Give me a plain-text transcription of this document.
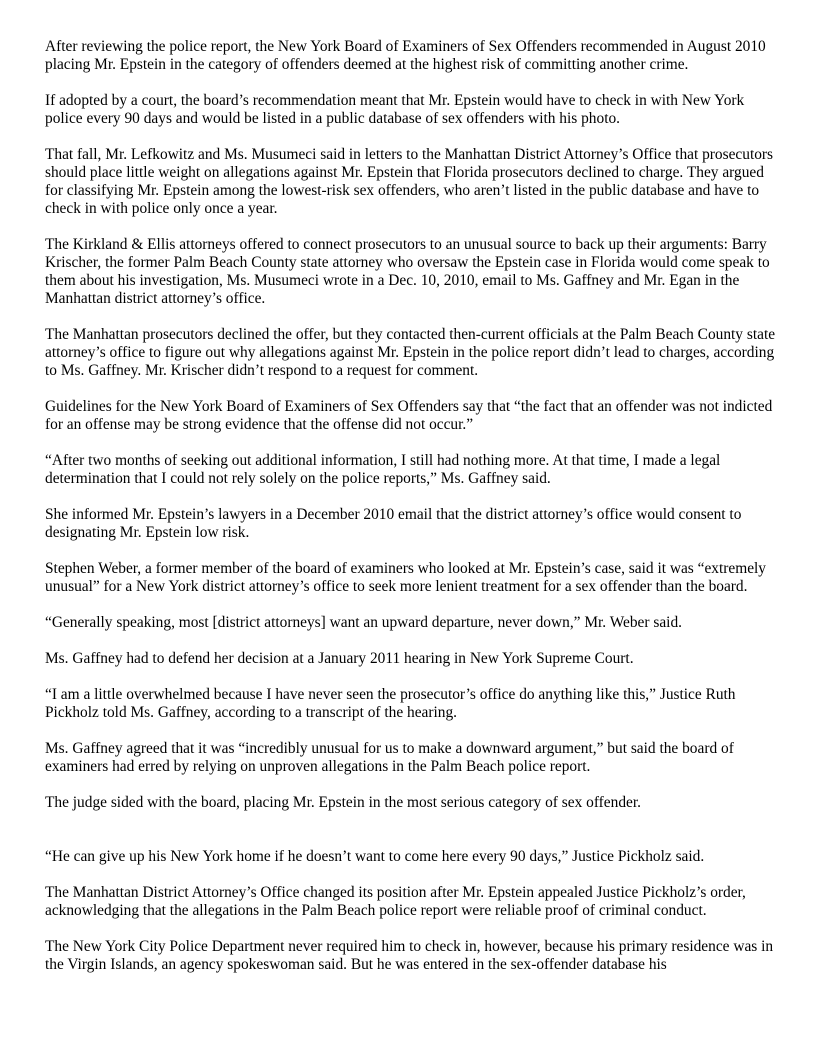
After reviewing the police report, the New York Board of Examiners of Sex Offenders recommended in August 2010 placing Mr. Epstein in the category of offenders deemed at the highest risk of committing another crime.

If adopted by a court, the board’s recommendation meant that Mr. Epstein would have to check in with New York police every 90 days and would be listed in a public database of sex offenders with his photo.

That fall, Mr. Lefkowitz and Ms. Musumeci said in letters to the Manhattan District Attorney’s Office that prosecutors should place little weight on allegations against Mr. Epstein that Florida prosecutors declined to charge. They argued for classifying Mr. Epstein among the lowest-risk sex offenders, who aren’t listed in the public database and have to check in with police only once a year.

The Kirkland & Ellis attorneys offered to connect prosecutors to an unusual source to back up their arguments: Barry Krischer, the former Palm Beach County state attorney who oversaw the Epstein case in Florida would come speak to them about his investigation, Ms. Musumeci wrote in a Dec. 10, 2010, email to Ms. Gaffney and Mr. Egan in the Manhattan district attorney’s office.

The Manhattan prosecutors declined the offer, but they contacted then-current officials at the Palm Beach County state attorney’s office to figure out why allegations against Mr. Epstein in the police report didn’t lead to charges, according to Ms. Gaffney. Mr. Krischer didn’t respond to a request for comment.

Guidelines for the New York Board of Examiners of Sex Offenders say that “the fact that an offender was not indicted for an offense may be strong evidence that the offense did not occur.”

“After two months of seeking out additional information, I still had nothing more. At that time, I made a legal determination that I could not rely solely on the police reports,” Ms. Gaffney said.

She informed Mr. Epstein’s lawyers in a December 2010 email that the district attorney’s office would consent to designating Mr. Epstein low risk.

Stephen Weber, a former member of the board of examiners who looked at Mr. Epstein’s case, said it was “extremely unusual” for a New York district attorney’s office to seek more lenient treatment for a sex offender than the board.

“Generally speaking, most [district attorneys] want an upward departure, never down,” Mr. Weber said.

Ms. Gaffney had to defend her decision at a January 2011 hearing in New York Supreme Court.

“I am a little overwhelmed because I have never seen the prosecutor’s office do anything like this,” Justice Ruth Pickholz told Ms. Gaffney, according to a transcript of the hearing.

Ms. Gaffney agreed that it was “incredibly unusual for us to make a downward argument,” but said the board of examiners had erred by relying on unproven allegations in the Palm Beach police report.

The judge sided with the board, placing Mr. Epstein in the most serious category of sex offender.

“He can give up his New York home if he doesn’t want to come here every 90 days,” Justice Pickholz said.

The Manhattan District Attorney’s Office changed its position after Mr. Epstein appealed Justice Pickholz’s order, acknowledging that the allegations in the Palm Beach police report were reliable proof of criminal conduct.

The New York City Police Department never required him to check in, however, because his primary residence was in the Virgin Islands, an agency spokeswoman said. But he was entered in the sex-offender database his
